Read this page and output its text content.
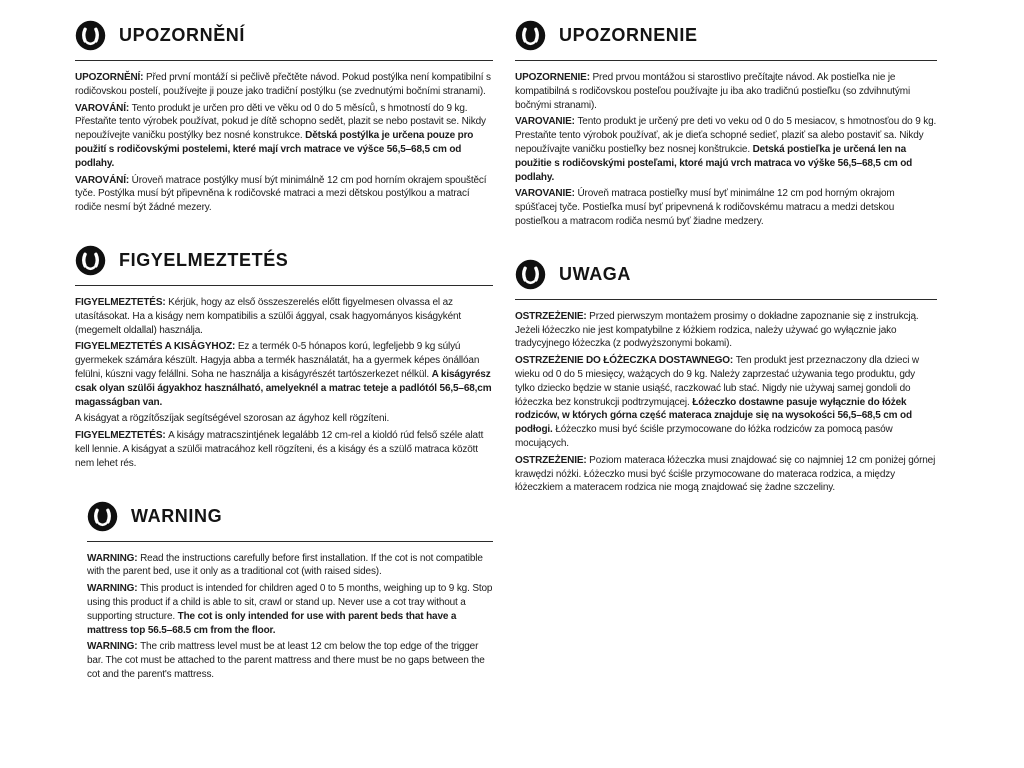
UPOZORNĚNÍ

UPOZORNĚNÍ: Před první montáží si pečlivě přečtěte návod. Pokud postýlka není kompatibilní s rodičovskou postelí, používejte ji pouze jako tradiční postýlku (se zvednutými bočními stranami).

VAROVÁNÍ: Tento produkt je určen pro děti ve věku od 0 do 5 měsíců, s hmotností do 9 kg. Přestaňte tento výrobek používat, pokud je dítě schopno sedět, plazit se nebo postavit se. Nikdy nepoužívejte vaničku postýlky bez nosné konstrukce. Dětská postýlka je určena pouze pro použití s rodičovskými postelemi, které mají vrch matrace ve výšce 56,5–68,5 cm od podlahy.

VAROVÁNÍ: Úroveň matrace postýlky musí být minimálně 12 cm pod horním okrajem spouštěcí tyče. Postýlka musí být připevněna k rodičovské matraci a mezi dětskou postýlkou a matrací rodiče nesmí být žádné mezery.

FIGYELMEZTETÉS

FIGYELMEZTETÉS: Kérjük, hogy az első összeszerelés előtt figyelmesen olvassa el az utasításokat. Ha a kiságy nem kompatibilis a szülői ággyal, csak hagyományos kiságyként (megemelt oldallal) használja.

FIGYELMEZTETÉS A KISÁGYHOZ: Ez a termék 0-5 hónapos korú, legfeljebb 9 kg súlyú gyermekek számára készült. Hagyja abba a termék használatát, ha a gyermek képes önállóan felülni, kúszni vagy felállni. Soha ne használja a kiságyrészét tartószerkezet nélkül. A kiságyrész csak olyan szülői ágyakhoz használható, amelyeknél a matrac teteje a padlótól 56,5–68,cm magasságban van.

A kiságyat a rögzítőszíjak segítségével szorosan az ágyhoz kell rögzíteni.

FIGYELMEZTETÉS: A kiságy matracszintjének legalább 12 cm-rel a kioldó rúd felső széle alatt kell lennie. A kiságyat a szülői matracához kell rögzíteni, és a kiságy és a szülő matraca között nem lehet rés.

WARNING

WARNING: Read the instructions carefully before first installation. If the cot is not compatible with the parent bed, use it only as a traditional cot (with raised sides).

WARNING: This product is intended for children aged 0 to 5 months, weighing up to 9 kg. Stop using this product if a child is able to sit, crawl or stand up. Never use a cot tray without a supporting structure. The cot is only intended for use with parent beds that have a mattress top 56.5–68.5 cm from the floor.

WARNING: The crib mattress level must be at least 12 cm below the top edge of the trigger bar. The cot must be attached to the parent mattress and there must be no gaps between the cot and the parent's mattress.

UPOZORNENIE

UPOZORNENIE: Pred prvou montážou si starostlivo prečítajte návod. Ak postieľka nie je kompatibilná s rodičovskou posteľou používajte ju iba ako tradičnú postieľku (so zdvihnutými bočnými stranami).

VAROVANIE: Tento produkt je určený pre deti vo veku od 0 do 5 mesiacov, s hmotnosťou do 9 kg. Prestaňte tento výrobok používať, ak je dieťa schopné sedieť, plaziť sa alebo postaviť sa. Nikdy nepoužívajte vaničku postieľky bez nosnej konštrukcie. Detská postieľka je určená len na použitie s rodičovskými posteľami, ktoré majú vrch matraca vo výške 56,5–68,5 cm od podlahy.

VAROVANIE: Úroveň matraca postieľky musí byť minimálne 12 cm pod horným okrajom spúšťacej tyče. Postieľka musí byť pripevnená k rodičovskému matracu a medzi detskou postieľkou a matracom rodiča nesmú byť žiadne medzery.

UWAGA

OSTRZEŻENIE: Przed pierwszym montażem prosimy o dokładne zapoznanie się z instrukcją. Jeżeli łóżeczko nie jest kompatybilne z łóżkiem rodzica, należy używać go wyłącznie jako tradycyjnego łóżeczka (z podwyższonymi bokami).

OSTRZEŻENIE DO ŁÓŻECZKA DOSTAWNEGO: Ten produkt jest przeznaczony dla dzieci w wieku od 0 do 5 miesięcy, ważących do 9 kg. Należy zaprzestać używania tego produktu, gdy tylko dziecko będzie w stanie usiąść, raczkować lub stać. Nigdy nie używaj samej gondoli do łóżeczka bez konstrukcji podtrzymującej. Łóżeczko dostawne pasuje wyłącznie do łóżek rodziców, w których górna część materaca znajduje się na wysokości 56,5–68,5 cm od podłogi. Łóżeczko musi być ściśle przymocowane do łóżka rodziców za pomocą pasów mocujących.

OSTRZEŻENIE: Poziom materaca łóżeczka musi znajdować się co najmniej 12 cm poniżej górnej krawędzi nóżki. Łóżeczko musi być ściśle przymocowane do materaca rodzica, a między łóżeczkiem a materacem rodzica nie mogą znajdować się żadne szczeliny.
